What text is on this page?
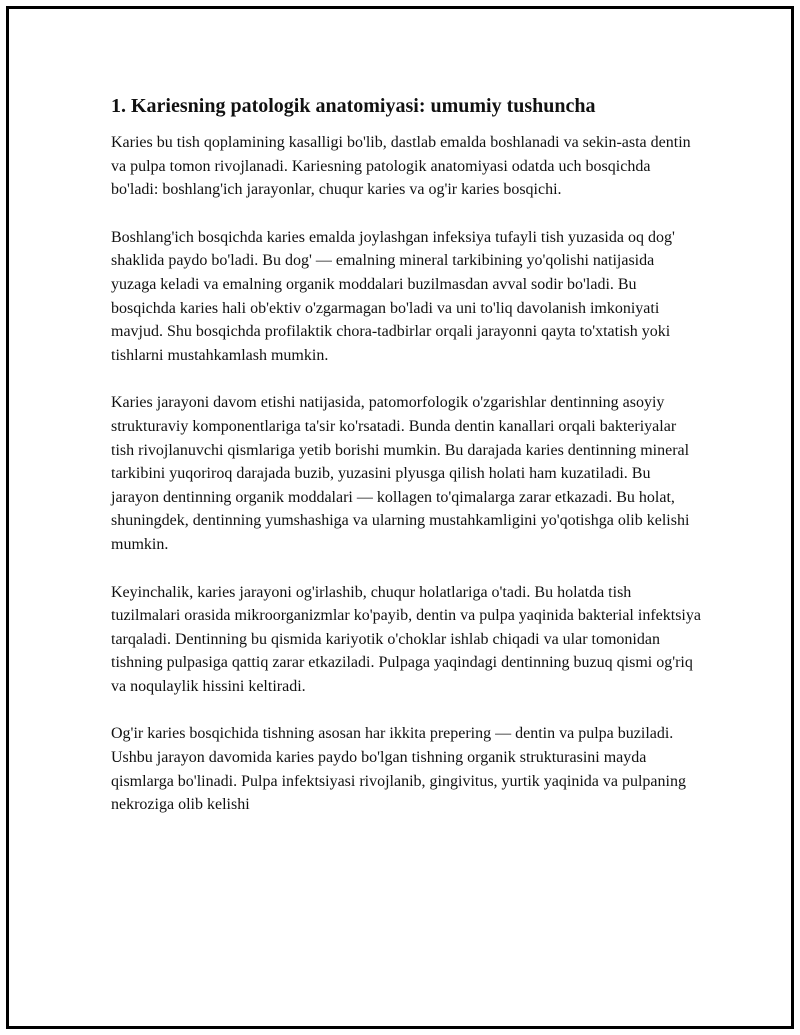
1. Kariesning patologik anatomiyasi: umumiy tushuncha

Karies bu tish qoplamining kasalligi bo'lib, dastlab emalda boshlanadi va sekin-asta dentin va pulpa tomon rivojlanadi. Kariesning patologik anatomiyasi odatda uch bosqichda bo'ladi: boshlang'ich jarayonlar, chuqur karies va og'ir karies bosqichi.

Boshlang'ich bosqichda karies emalda joylashgan infeksiya tufayli tish yuzasida oq dog' shaklida paydo bo'ladi. Bu dog' — emalning mineral tarkibining yo'qolishi natijasida yuzaga keladi va emalning organik moddalari buzilmasdan avval sodir bo'ladi. Bu bosqichda karies hali ob'ektiv o'zgarmagan bo'ladi va uni to'liq davolanish imkoniyati mavjud. Shu bosqichda profilaktik chora-tadbirlar orqali jarayonni qayta to'xtatish yoki tishlarni mustahkamlash mumkin.

Karies jarayoni davom etishi natijasida, patomorfologik o'zgarishlar dentinning asoyiy strukturaviy komponentlariga ta'sir ko'rsatadi. Bunda dentin kanallari orqali bakteriyalar tish rivojlanuvchi qismlariga yetib borishi mumkin. Bu darajada karies dentinning mineral tarkibini yuqoriroq darajada buzib, yuzasini plyusga qilish holati ham kuzatiladi. Bu jarayon dentinning organik moddalari — kollagen to'qimalarga zarar etkazadi. Bu holat, shuningdek, dentinning yumshashiga va ularning mustahkamligini yo'qotishga olib kelishi mumkin.

Keyinchalik, karies jarayoni og'irlashib, chuqur holatlariga o'tadi. Bu holatda tish tuzilmalari orasida mikroorganizmlar ko'payib, dentin va pulpa yaqinida bakterial infektsiya tarqaladi. Dentinning bu qismida kariyotik o'choklar ishlab chiqadi va ular tomonidan tishning pulpasiga qattiq zarar etkaziladi. Pulpaga yaqindagi dentinning buzuq qismi og'riq va noqulaylik hissini keltiradi.

Og'ir karies bosqichida tishning asosan har ikkita prepering — dentin va pulpa buziladi. Ushbu jarayon davomida karies paydo bo'lgan tishning organik strukturasini mayda qismlarga bo'linadi. Pulpa infektsiyasi rivojlanib, gingivitus, yurtik yaqinida va pulpaning nekroziga olib kelishi
